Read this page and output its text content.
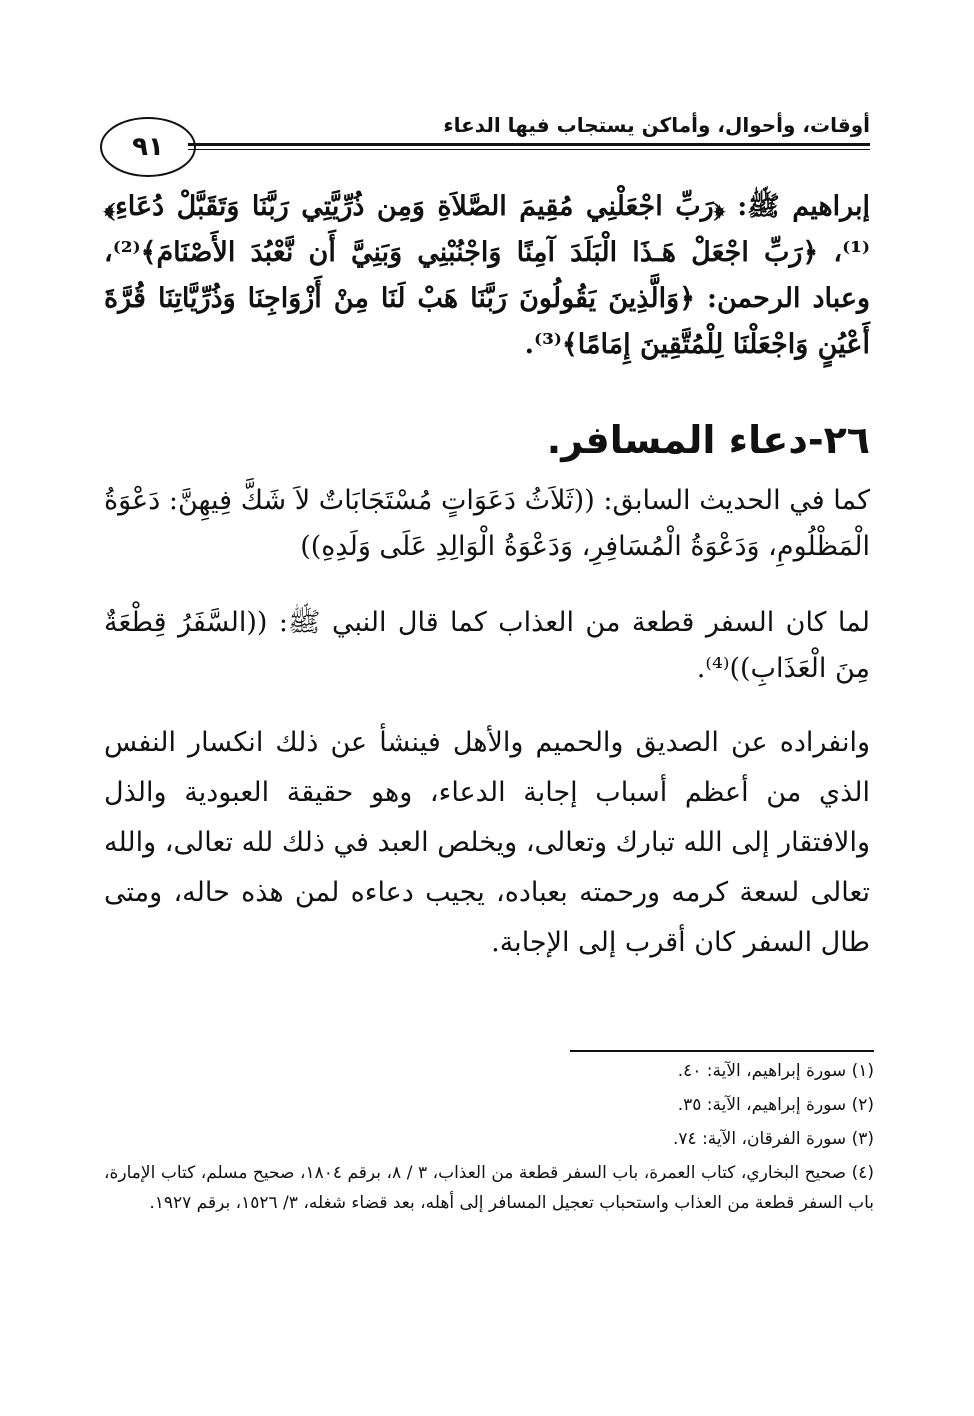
أوقات، وأحوال، وأماكن يستجاب فيها الدعاء
٩١
إبراهيم ﷺ: ﴿رَبِّ اجْعَلْنِي مُقِيمَ الصَّلاَةِ وَمِن ذُرِّيَّتِي رَبَّنَا وَتَقَبَّلْ دُعَاءِ﴾⁽¹⁾، ﴿رَبِّ اجْعَلْ هَـذَا الْبَلَدَ آمِنًا وَاجْنُبْنِي وَبَنِيَّ أَن نَّعْبُدَ الأَصْنَامَ﴾⁽²⁾، وعباد الرحمن: ﴿وَالَّذِينَ يَقُولُونَ رَبَّنَا هَبْ لَنَا مِنْ أَزْوَاجِنَا وَذُرِّيَّاتِنَا قُرَّةَ أَعْيُنٍ وَاجْعَلْنَا لِلْمُتَّقِينَ إِمَامًا﴾⁽³⁾.
٢٦-دعاء المسافر.
كما في الحديث السابق: ((ثَلاَثُ دَعَوَاتٍ مُسْتَجَابَاتٌ لاَ شَكَّ فِيهِنَّ: دَعْوَةُ الْمَظْلُومِ، وَدَعْوَةُ الْمُسَافِرِ، وَدَعْوَةُ الْوَالِدِ عَلَى وَلَدِهِ))
لما كان السفر قطعة من العذاب كما قال النبي ﷺ: ((السَّفَرُ قِطْعَةٌ مِنَ الْعَذَابِ))⁽⁴⁾.
وانفراده عن الصديق والحميم والأهل فينشأ عن ذلك انكسار النفس الذي من أعظم أسباب إجابة الدعاء، وهو حقيقة العبودية والذل والافتقار إلى الله تبارك وتعالى، ويخلص العبد في ذلك لله تعالى، والله تعالى لسعة كرمه ورحمته بعباده، يجيب دعاءه لمن هذه حاله، ومتى طال السفر كان أقرب إلى الإجابة.

(١) سورة إبراهيم، الآية: ٤٠.

(٢) سورة إبراهيم، الآية: ٣٥.

(٣) سورة الفرقان، الآية: ٧٤.

(٤) صحيح البخاري، كتاب العمرة، باب السفر قطعة من العذاب، ٣ / ٨، برقم ١٨٠٤، صحيح مسلم، كتاب الإمارة، باب السفر قطعة من العذاب واستحباب تعجيل المسافر إلى أهله، بعد قضاء شغله، ٣/ ١٥٢٦، برقم ١٩٢٧.
